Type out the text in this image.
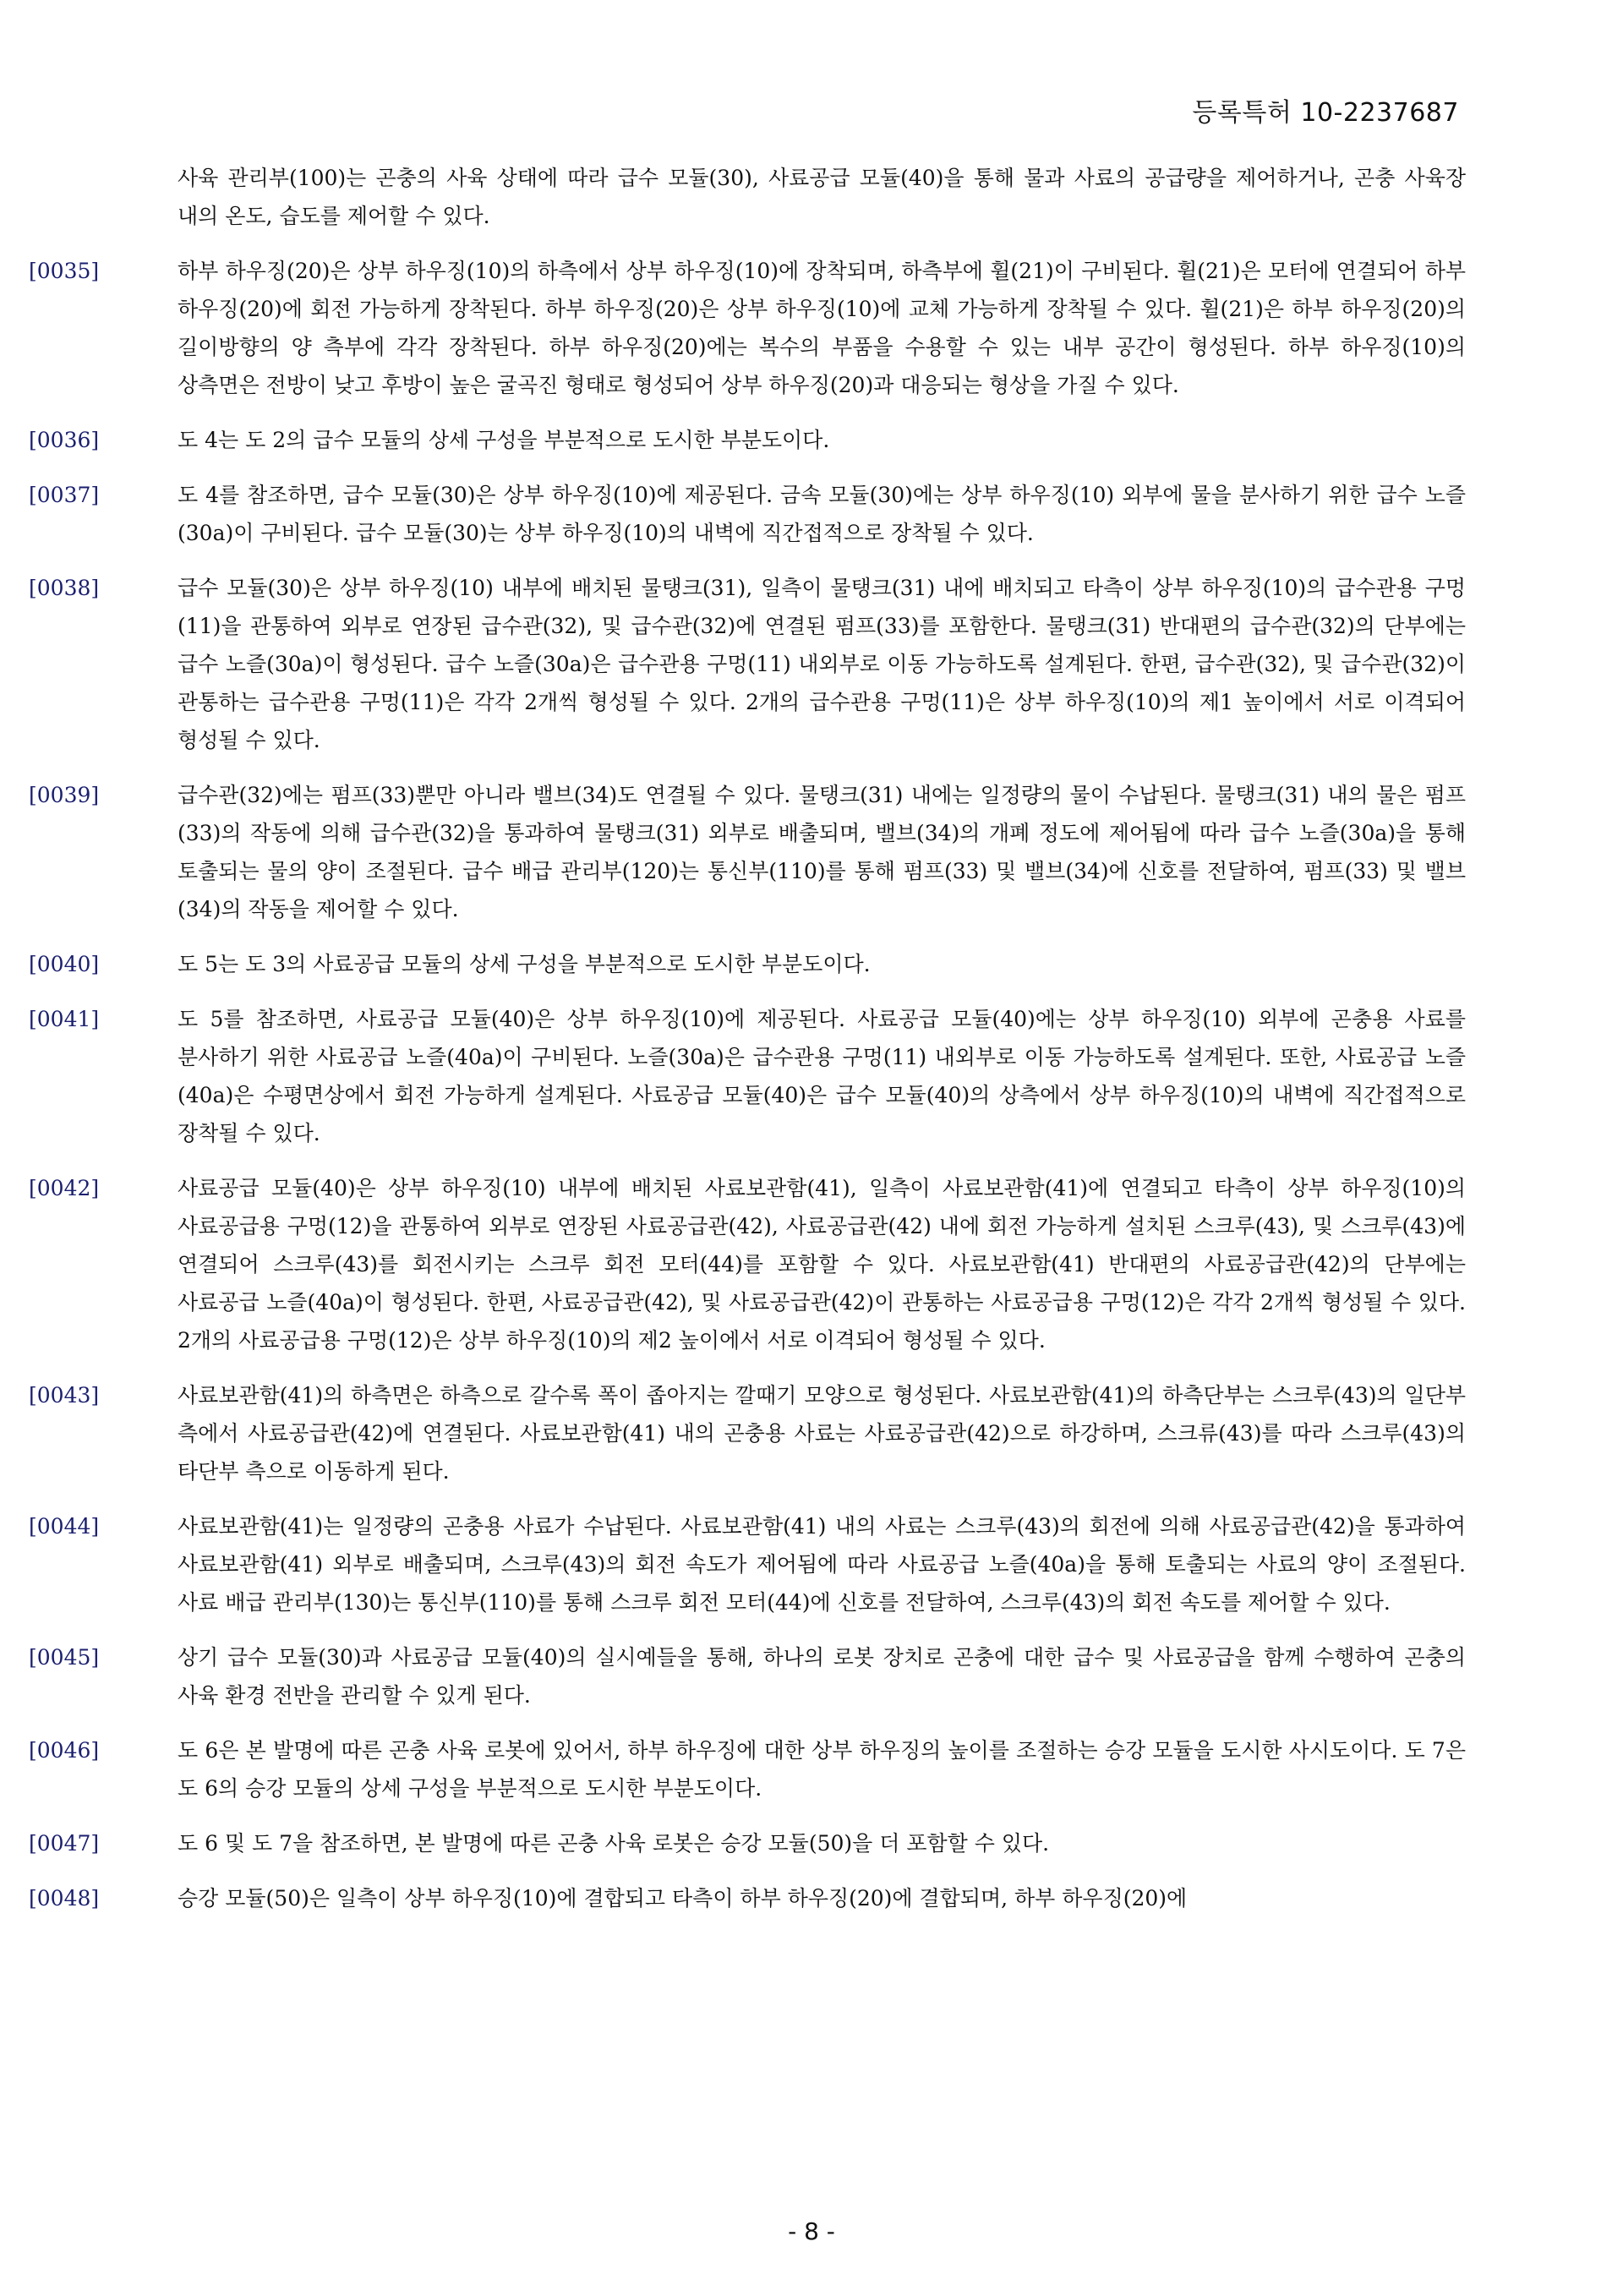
등록특허 10-2237687
사육 관리부(100)는 곤충의 사육 상태에 따라 급수 모듈(30), 사료공급 모듈(40)을 통해 물과 사료의 공급량을 제어하거나, 곤충 사육장 내의 온도, 습도를 제어할 수 있다.
[0035]	하부 하우징(20)은 상부 하우징(10)의 하측에서 상부 하우징(10)에 장착되며, 하측부에 휠(21)이 구비된다. 휠(21)은 모터에 연결되어 하부 하우징(20)에 회전 가능하게 장착된다. 하부 하우징(20)은 상부 하우징(10)에 교체 가능하게 장착될 수 있다. 휠(21)은 하부 하우징(20)의 길이방향의 양 측부에 각각 장착된다. 하부 하우징(20)에는 복수의 부품을 수용할 수 있는 내부 공간이 형성된다. 하부 하우징(10)의 상측면은 전방이 낮고 후방이 높은 굴곡진 형태로 형성되어 상부 하우징(20)과 대응되는 형상을 가질 수 있다.
[0036]	도 4는 도 2의 급수 모듈의 상세 구성을 부분적으로 도시한 부분도이다.
[0037]	도 4를 참조하면, 급수 모듈(30)은 상부 하우징(10)에 제공된다. 금속 모듈(30)에는 상부 하우징(10) 외부에 물을 분사하기 위한 급수 노즐(30a)이 구비된다. 급수 모듈(30)는 상부 하우징(10)의 내벽에 직간접적으로 장착될 수 있다.
[0038]	급수 모듈(30)은 상부 하우징(10) 내부에 배치된 물탱크(31), 일측이 물탱크(31) 내에 배치되고 타측이 상부 하우징(10)의 급수관용 구멍(11)을 관통하여 외부로 연장된 급수관(32), 및 급수관(32)에 연결된 펌프(33)를 포함한다. 물탱크(31) 반대편의 급수관(32)의 단부에는 급수 노즐(30a)이 형성된다. 급수 노즐(30a)은 급수관용 구멍(11) 내외부로 이동 가능하도록 설계된다. 한편, 급수관(32), 및 급수관(32)이 관통하는 급수관용 구멍(11)은 각각 2개씩 형성될 수 있다. 2개의 급수관용 구멍(11)은 상부 하우징(10)의 제1 높이에서 서로 이격되어 형성될 수 있다.
[0039]	급수관(32)에는 펌프(33)뿐만 아니라 밸브(34)도 연결될 수 있다. 물탱크(31) 내에는 일정량의 물이 수납된다. 물탱크(31) 내의 물은 펌프(33)의 작동에 의해 급수관(32)을 통과하여 물탱크(31) 외부로 배출되며, 밸브(34)의 개폐 정도에 제어됨에 따라 급수 노즐(30a)을 통해 토출되는 물의 양이 조절된다. 급수 배급 관리부(120)는 통신부(110)를 통해 펌프(33) 및 밸브(34)에 신호를 전달하여, 펌프(33) 및 밸브(34)의 작동을 제어할 수 있다.
[0040]	도 5는 도 3의 사료공급 모듈의 상세 구성을 부분적으로 도시한 부분도이다.
[0041]	도 5를 참조하면, 사료공급 모듈(40)은 상부 하우징(10)에 제공된다. 사료공급 모듈(40)에는 상부 하우징(10) 외부에 곤충용 사료를 분사하기 위한 사료공급 노즐(40a)이 구비된다. 노즐(30a)은 급수관용 구멍(11) 내외부로 이동 가능하도록 설계된다. 또한, 사료공급 노즐(40a)은 수평면상에서 회전 가능하게 설계된다. 사료공급 모듈(40)은 급수 모듈(40)의 상측에서 상부 하우징(10)의 내벽에 직간접적으로 장착될 수 있다.
[0042]	사료공급 모듈(40)은 상부 하우징(10) 내부에 배치된 사료보관함(41), 일측이 사료보관함(41)에 연결되고 타측이 상부 하우징(10)의 사료공급용 구멍(12)을 관통하여 외부로 연장된 사료공급관(42), 사료공급관(42) 내에 회전 가능하게 설치된 스크루(43), 및 스크루(43)에 연결되어 스크루(43)를 회전시키는 스크루 회전 모터(44)를 포함할 수 있다. 사료보관함(41) 반대편의 사료공급관(42)의 단부에는 사료공급 노즐(40a)이 형성된다. 한편, 사료공급관(42), 및 사료공급관(42)이 관통하는 사료공급용 구멍(12)은 각각 2개씩 형성될 수 있다. 2개의 사료공급용 구멍(12)은 상부 하우징(10)의 제2 높이에서 서로 이격되어 형성될 수 있다.
[0043]	사료보관함(41)의 하측면은 하측으로 갈수록 폭이 좁아지는 깔때기 모양으로 형성된다. 사료보관함(41)의 하측단부는 스크루(43)의 일단부 측에서 사료공급관(42)에 연결된다. 사료보관함(41) 내의 곤충용 사료는 사료공급관(42)으로 하강하며, 스크류(43)를 따라 스크루(43)의 타단부 측으로 이동하게 된다.
[0044]	사료보관함(41)는 일정량의 곤충용 사료가 수납된다. 사료보관함(41) 내의 사료는 스크루(43)의 회전에 의해 사료공급관(42)을 통과하여 사료보관함(41) 외부로 배출되며, 스크루(43)의 회전 속도가 제어됨에 따라 사료공급 노즐(40a)을 통해 토출되는 사료의 양이 조절된다. 사료 배급 관리부(130)는 통신부(110)를 통해 스크루 회전 모터(44)에 신호를 전달하여, 스크루(43)의 회전 속도를 제어할 수 있다.
[0045]	상기 급수 모듈(30)과 사료공급 모듈(40)의 실시예들을 통해, 하나의 로봇 장치로 곤충에 대한 급수 및 사료공급을 함께 수행하여 곤충의 사육 환경 전반을 관리할 수 있게 된다.
[0046]	도 6은 본 발명에 따른 곤충 사육 로봇에 있어서, 하부 하우징에 대한 상부 하우징의 높이를 조절하는 승강 모듈을 도시한 사시도이다. 도 7은 도 6의 승강 모듈의 상세 구성을 부분적으로 도시한 부분도이다.
[0047]	도 6 및 도 7을 참조하면, 본 발명에 따른 곤충 사육 로봇은 승강 모듈(50)을 더 포함할 수 있다.
[0048]	승강 모듈(50)은 일측이 상부 하우징(10)에 결합되고 타측이 하부 하우징(20)에 결합되며, 하부 하우징(20)에
- 8 -
